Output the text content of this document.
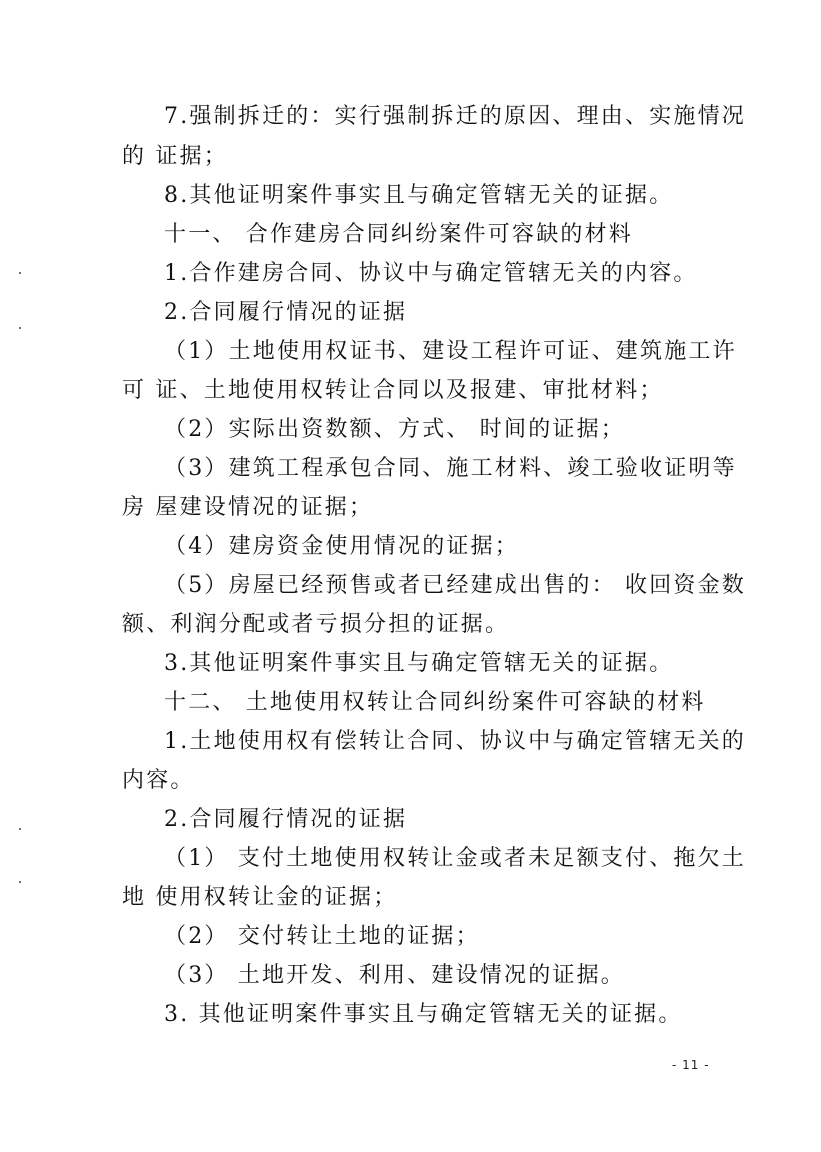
7.强制拆迁的：实行强制拆迁的原因、理由、实施情况
的 证据；
8.其他证明案件事实且与确定管辖无关的证据。
十一、 合作建房合同纠纷案件可容缺的材料
1.合作建房合同、协议中与确定管辖无关的内容。
2.合同履行情况的证据
（1）土地使用权证书、建设工程许可证、建筑施工许
可 证、土地使用权转让合同以及报建、审批材料；
（2）实际出资数额、方式、 时间的证据；
（3）建筑工程承包合同、施工材料、竣工验收证明等
房 屋建设情况的证据；
（4）建房资金使用情况的证据；
（5）房屋已经预售或者已经建成出售的： 收回资金数
额、利润分配或者亏损分担的证据。
3.其他证明案件事实且与确定管辖无关的证据。
十二、 土地使用权转让合同纠纷案件可容缺的材料
1.土地使用权有偿转让合同、协议中与确定管辖无关的
内容。
2.合同履行情况的证据
（1） 支付土地使用权转让金或者未足额支付、拖欠土
地 使用权转让金的证据；
（2） 交付转让土地的证据；
（3） 土地开发、利用、建设情况的证据。
3. 其他证明案件事实且与确定管辖无关的证据。
- 11 -
